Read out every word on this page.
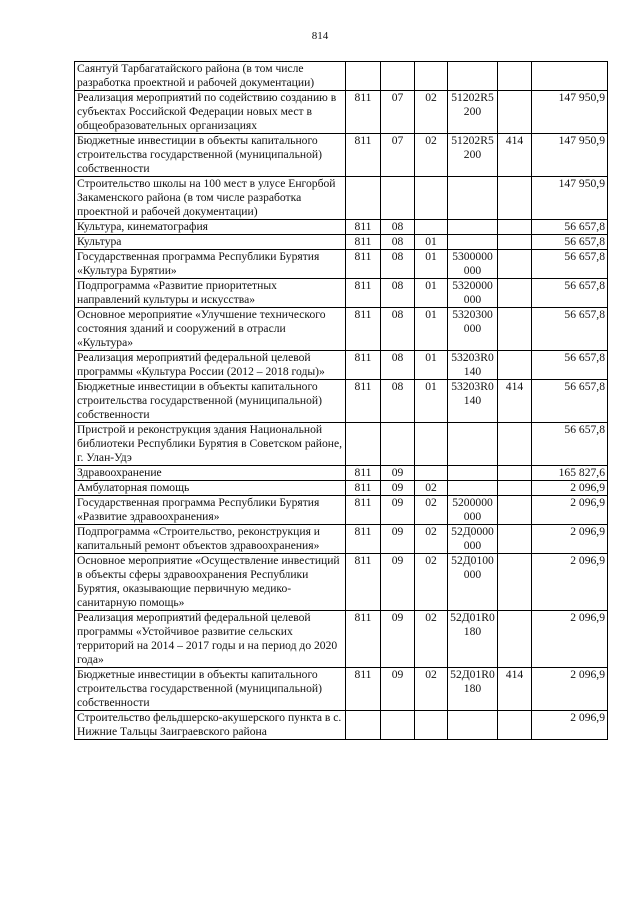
814
Саянтуй Тарбагатайского района (в том числе разработка проектной и рабочей документации)						
Реализация мероприятий по содействию созданию в субъектах Российской Федерации новых мест в общеобразовательных организациях	811	07	02	51202R5 200		147 950,9
Бюджетные инвестиции в объекты капитального строительства государственной (муниципальной) собственности	811	07	02	51202R5 200	414	147 950,9
Строительство школы на 100 мест в улусе Енгорбой Закаменского района (в том числе разработка проектной и рабочей документации)						147 950,9
Культура, кинематография	811	08				56 657,8
Культура	811	08	01			56 657,8
Государственная программа Республики Бурятия «Культура Бурятии»	811	08	01	5300000 000		56 657,8
Подпрограмма «Развитие приоритетных направлений культуры и искусства»	811	08	01	5320000 000		56 657,8
Основное мероприятие «Улучшение технического состояния зданий и сооружений в отрасли «Культура»	811	08	01	5320300 000		56 657,8
Реализация мероприятий федеральной целевой программы «Культура России (2012 – 2018 годы)»	811	08	01	53203R0 140		56 657,8
Бюджетные инвестиции в объекты капитального строительства государственной (муниципальной) собственности	811	08	01	53203R0 140	414	56 657,8
Пристрой и реконструкция здания Национальной библиотеки Республики Бурятия в Советском районе, г. Улан-Удэ						56 657,8
Здравоохранение	811	09				165 827,6
Амбулаторная помощь	811	09	02			2 096,9
Государственная программа Республики Бурятия «Развитие здравоохранения»	811	09	02	5200000 000		2 096,9
Подпрограмма «Строительство, реконструкция и капитальный ремонт объектов здравоохранения»	811	09	02	52Д0000 000		2 096,9
Основное мероприятие «Осуществление инвестиций в объекты сферы здравоохранения Республики Бурятия, оказывающие первичную медико-санитарную помощь»	811	09	02	52Д0100 000		2 096,9
Реализация мероприятий федеральной целевой программы «Устойчивое развитие сельских территорий на 2014 – 2017 годы и на период до 2020 года»	811	09	02	52Д01R0 180		2 096,9
Бюджетные инвестиции в объекты капитального строительства государственной (муниципальной) собственности	811	09	02	52Д01R0 180	414	2 096,9
Строительство фельдшерско-акушерского пункта в с. Нижние Тальцы Заиграевского района						2 096,9
